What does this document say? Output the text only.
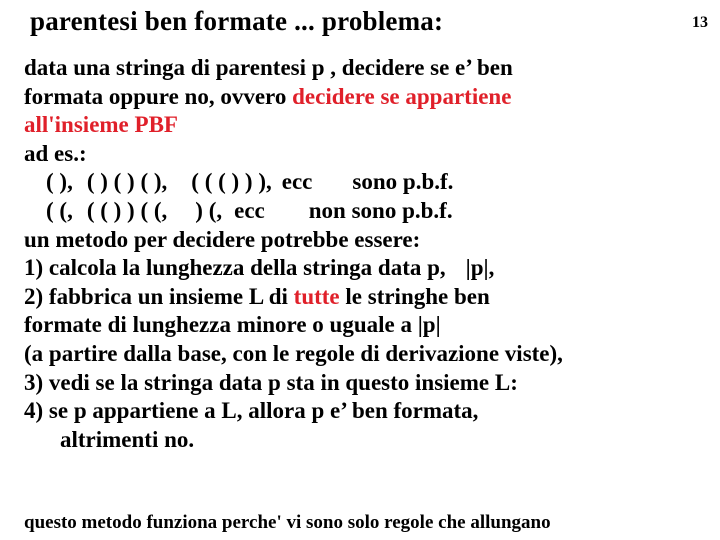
parentesi ben formate ... problema:	13
data una stringa di parentesi p , decidere se e’ ben
formata oppure no, ovvero decidere se appartiene
all'insieme PBF
ad es.:
( ), ( ) ( ) ( ), ( ( ( ) ) ), ecc sono p.b.f.
( (, ( ( ) ) ( (, ) (, ecc non sono p.b.f.
un metodo per decidere potrebbe essere:
1) calcola la lunghezza della stringa data p, |p|,
2) fabbrica un insieme L di tutte le stringhe ben
formate di lunghezza minore o uguale a |p|
(a partire dalla base, con le regole di derivazione viste),
3) vedi se la stringa data p sta in questo insieme L:
4) se p appartiene a L, allora p e’ ben formata,
altrimenti no.
questo metodo funziona perche' vi sono solo regole che allungano
